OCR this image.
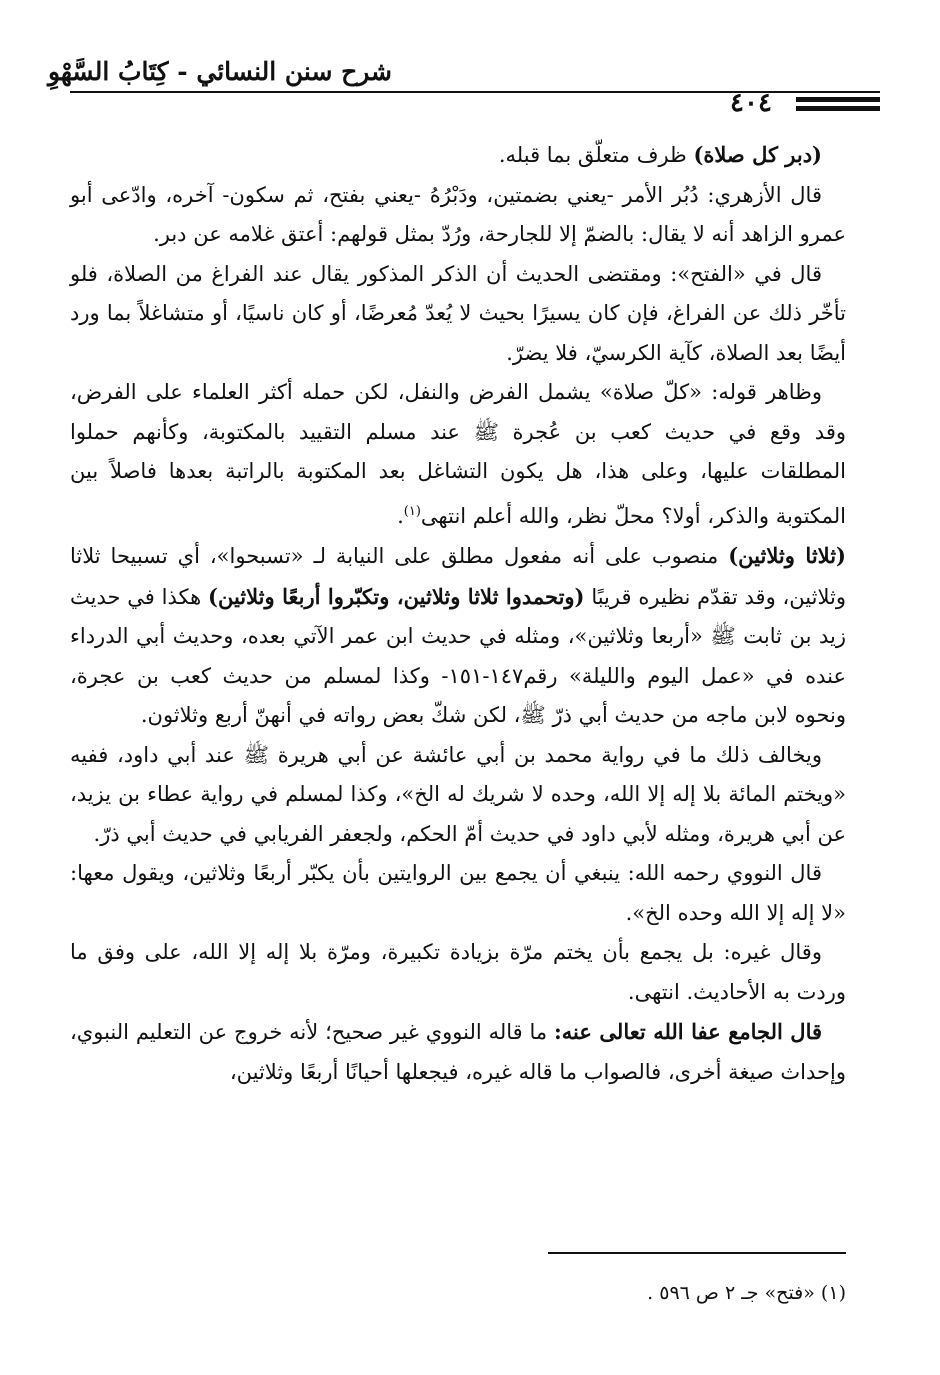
شرح سنن النسائي - كِتَابُ السَّهْوِ
٤٠٤

(دبر كل صلاة) ظرف متعلّق بما قبله.

قال الأزهري: دُبُر الأمر -يعني بضمتين، ودَبْرُهُ -يعني بفتح، ثم سكون- آخره، وادّعى أبو عمرو الزاهد أنه لا يقال: بالضمّ إلا للجارحة، ورُدّ بمثل قولهم: أعتق غلامه عن دبر.

قال في «الفتح»: ومقتضى الحديث أن الذكر المذكور يقال عند الفراغ من الصلاة، فلو تأخّر ذلك عن الفراغ، فإن كان يسيرًا بحيث لا يُعدّ مُعرضًا، أو كان ناسيًا، أو متشاغلاً بما ورد أيضًا بعد الصلاة، كآية الكرسيّ، فلا يضرّ.

وظاهر قوله: «كلّ صلاة» يشمل الفرض والنفل، لكن حمله أكثر العلماء على الفرض، وقد وقع في حديث كعب بن عُجرة ﷺ عند مسلم التقييد بالمكتوبة، وكأنهم حملوا المطلقات عليها، وعلى هذا، هل يكون التشاغل بعد المكتوبة بالراتبة بعدها فاصلاً بين المكتوبة والذكر، أولا؟ محلّ نظر، والله أعلم انتهى$^{(١)}$.

(ثلاثا وثلاثين) منصوب على أنه مفعول مطلق على النيابة لـ «تسبحوا»، أي تسبيحا ثلاثا وثلاثين، وقد تقدّم نظيره قريبًا (وتحمدوا ثلاثا وثلاثين، وتكبّروا أربعًا وثلاثين) هكذا في حديث زيد بن ثابت ﷺ «أربعا وثلاثين»، ومثله في حديث ابن عمر الآتي بعده، وحديث أبي الدرداء عنده في «عمل اليوم والليلة» رقم١٤٧-١٥١- وكذا لمسلم من حديث كعب بن عجرة، ونحوه لابن ماجه من حديث أبي ذرّ ﷺ، لكن شكّ بعض رواته في أنهنّ أربع وثلاثون.

ويخالف ذلك ما في رواية محمد بن أبي عائشة عن أبي هريرة ﷺ عند أبي داود، ففيه «ويختم المائة بلا إله إلا الله، وحده لا شريك له الخ»، وكذا لمسلم في رواية عطاء بن يزيد، عن أبي هريرة، ومثله لأبي داود في حديث أمّ الحكم، ولجعفر الفريابي في حديث أبي ذرّ.

قال النووي رحمه الله: ينبغي أن يجمع بين الروايتين بأن يكبّر أربعًا وثلاثين، ويقول معها: «لا إله إلا الله وحده الخ».

وقال غيره: بل يجمع بأن يختم مرّة بزيادة تكبيرة، ومرّة بلا إله إلا الله، على وفق ما وردت به الأحاديث. انتهى.

قال الجامع عفا الله تعالى عنه: ما قاله النووي غير صحيح؛ لأنه خروج عن التعليم النبوي، وإحداث صيغة أخرى، فالصواب ما قاله غيره، فيجعلها أحيانًا أربعًا وثلاثين،

(١) «فتح» جـ ٢ ص ٥٩٦ .
